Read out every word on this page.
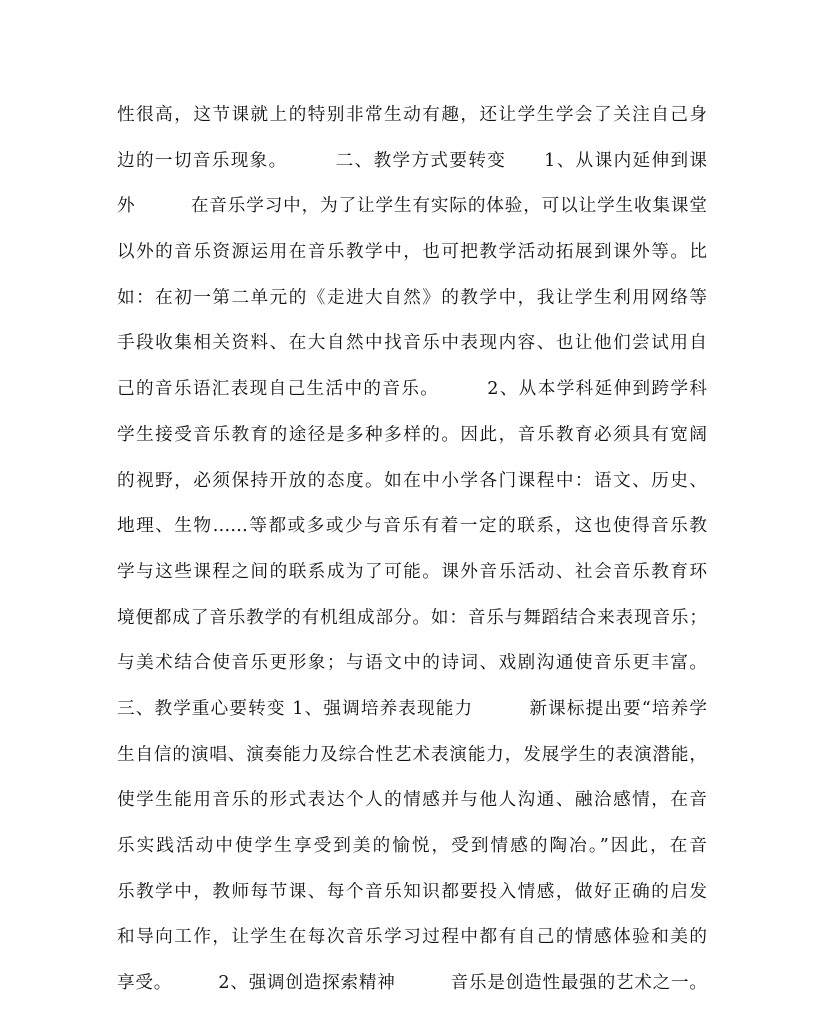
性很高，这节课就上的特别非常生动有趣，还让学生学会了关注自己身
边的一切音乐现象。　　　二、教学方式要转变　　1、从课内延伸到课
外　　　在音乐学习中，为了让学生有实际的体验，可以让学生收集课堂
以外的音乐资源运用在音乐教学中，也可把教学活动拓展到课外等。比
如：在初一第二单元的《走进大自然》的教学中，我让学生利用网络等
手段收集相关资料、在大自然中找音乐中表现内容、也让他们尝试用自
己的音乐语汇表现自己生活中的音乐。　　　2、从本学科延伸到跨学科
学生接受音乐教育的途径是多种多样的。因此，音乐教育必须具有宽阔
的视野，必须保持开放的态度。如在中小学各门课程中：语文、历史、
地理、生物……等都或多或少与音乐有着一定的联系，这也使得音乐教
学与这些课程之间的联系成为了可能。课外音乐活动、社会音乐教育环
境便都成了音乐教学的有机组成部分。如：音乐与舞蹈结合来表现音乐；
与美术结合使音乐更形象；与语文中的诗词、戏剧沟通使音乐更丰富。
三、教学重心要转变 1、强调培养表现能力　　　新课标提出要“培养学
生自信的演唱、演奏能力及综合性艺术表演能力，发展学生的表演潜能，
使学生能用音乐的形式表达个人的情感并与他人沟通、融洽感情，在音
乐实践活动中使学生享受到美的愉悦，受到情感的陶冶。”因此，在音
乐教学中，教师每节课、每个音乐知识都要投入情感，做好正确的启发
和导向工作，让学生在每次音乐学习过程中都有自己的情感体验和美的
享受。　　　2、强调创造探索精神　　　音乐是创造性最强的艺术之一。
